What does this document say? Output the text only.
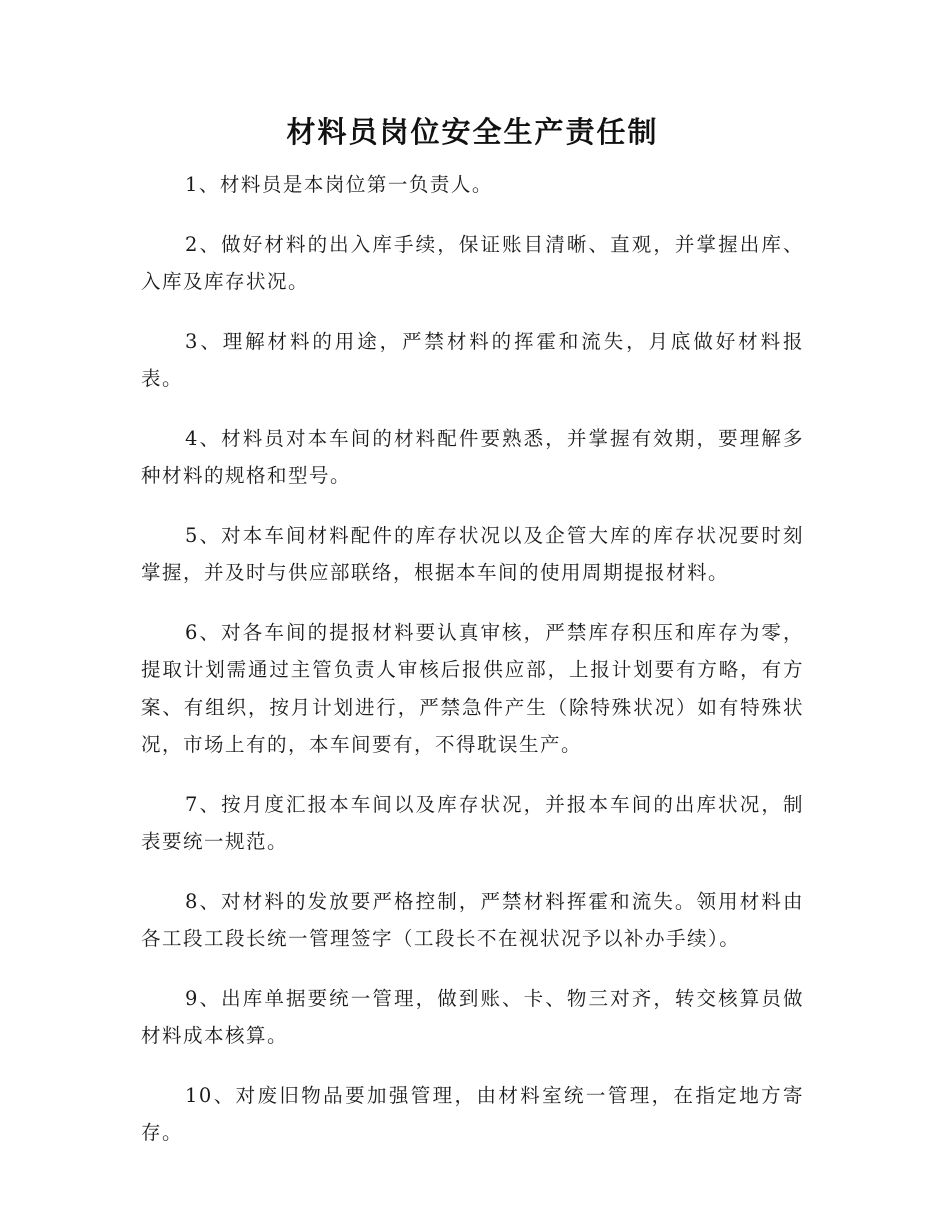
材料员岗位安全生产责任制

1、材料员是本岗位第一负责人。

2、做好材料的出入库手续，保证账目清晰、直观，并掌握出库、入库及库存状况。

3、理解材料的用途，严禁材料的挥霍和流失，月底做好材料报表。

4、材料员对本车间的材料配件要熟悉，并掌握有效期，要理解多种材料的规格和型号。

5、对本车间材料配件的库存状况以及企管大库的库存状况要时刻掌握，并及时与供应部联络，根据本车间的使用周期提报材料。

6、对各车间的提报材料要认真审核，严禁库存积压和库存为零，提取计划需通过主管负责人审核后报供应部，上报计划要有方略，有方案、有组织，按月计划进行，严禁急件产生（除特殊状况）如有特殊状况，市场上有的，本车间要有，不得耽误生产。

7、按月度汇报本车间以及库存状况，并报本车间的出库状况，制表要统一规范。

8、对材料的发放要严格控制，严禁材料挥霍和流失。领用材料由各工段工段长统一管理签字（工段长不在视状况予以补办手续）。

9、出库单据要统一管理，做到账、卡、物三对齐，转交核算员做材料成本核算。

10、对废旧物品要加强管理，由材料室统一管理，在指定地方寄存。
